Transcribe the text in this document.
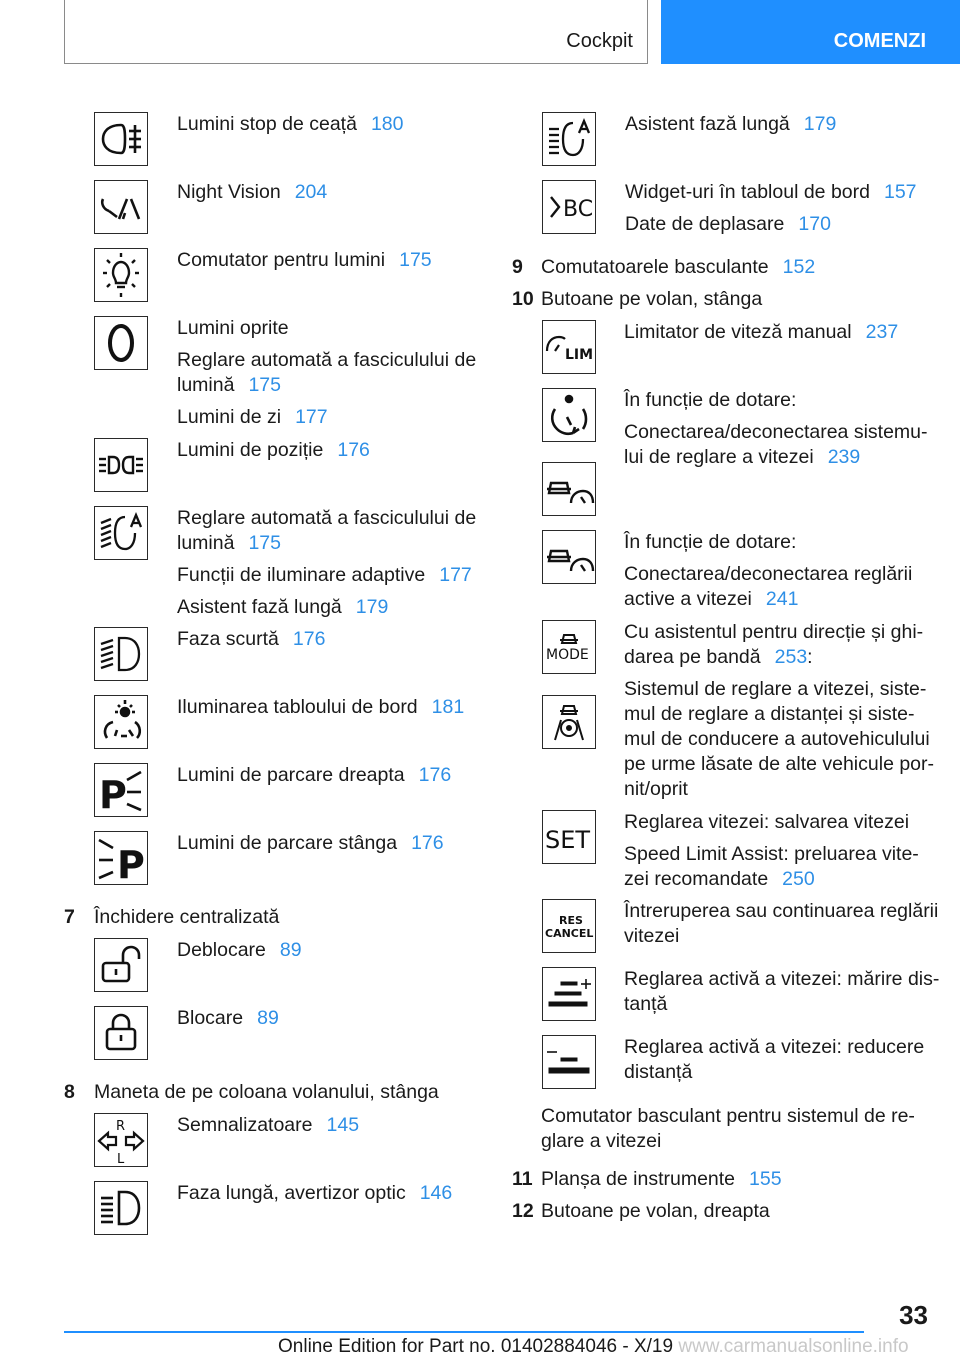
Cockpit	COMENZI
Lumini stop de ceață 180
Night Vision 204
Comutator pentru lumini 175
Lumini oprite
Reglare automată a fasciculului de
lumină 175
Lumini de zi 177
Lumini de poziție 176
Reglare automată a fasciculului de
lumină 175
Funcții de iluminare adaptive 177
Asistent fază lungă 179
Faza scurtă 176
Iluminarea tabloului de bord 181
P	Lumini de parcare dreapta 176
P Lumini de parcare stânga 176
7 Închidere centralizată
Deblocare 89
Blocare 89
8 Maneta de pe coloana volanului, stânga
R
L
Semnalizatoare 145
Faza lungă, avertizor optic 146
Asistent fază lungă 179
BC
Widget-uri în tabloul de bord 157
Date de deplasare 170
9 Comutatoarele basculante 152
10 Butoane pe volan, stânga
LIM
Limitator de viteză manual 237
În funcție de dotare:
Conectarea/deconectarea sistemu-
lui de reglare a vitezei 239
În funcție de dotare:
Conectarea/deconectarea reglării
active a vitezei 241
MODE
Cu asistentul pentru direcție și ghi-
darea pe bandă 253:
Sistemul de reglare a vitezei, siste-
mul de reglare a distanței și siste-
mul de conducere a autovehiculului
pe urme lăsate de alte vehicule por-
nit/oprit
SET
Reglarea vitezei: salvarea vitezei
Speed Limit Assist: preluarea vite-
zei recomandate 250
RES
CANCEL
Întreruperea sau continuarea reglării
vitezei
Reglarea activă a vitezei: mărire dis-
tanță
Reglarea activă a vitezei: reducere
distanță
Comutator basculant pentru sistemul de re-
glare a vitezei
11 Planșa de instrumente 155
12 Butoane pe volan, dreapta
33
Online Edition for Part no. 01402884046 - X/19 www.carmanualsonline.info
